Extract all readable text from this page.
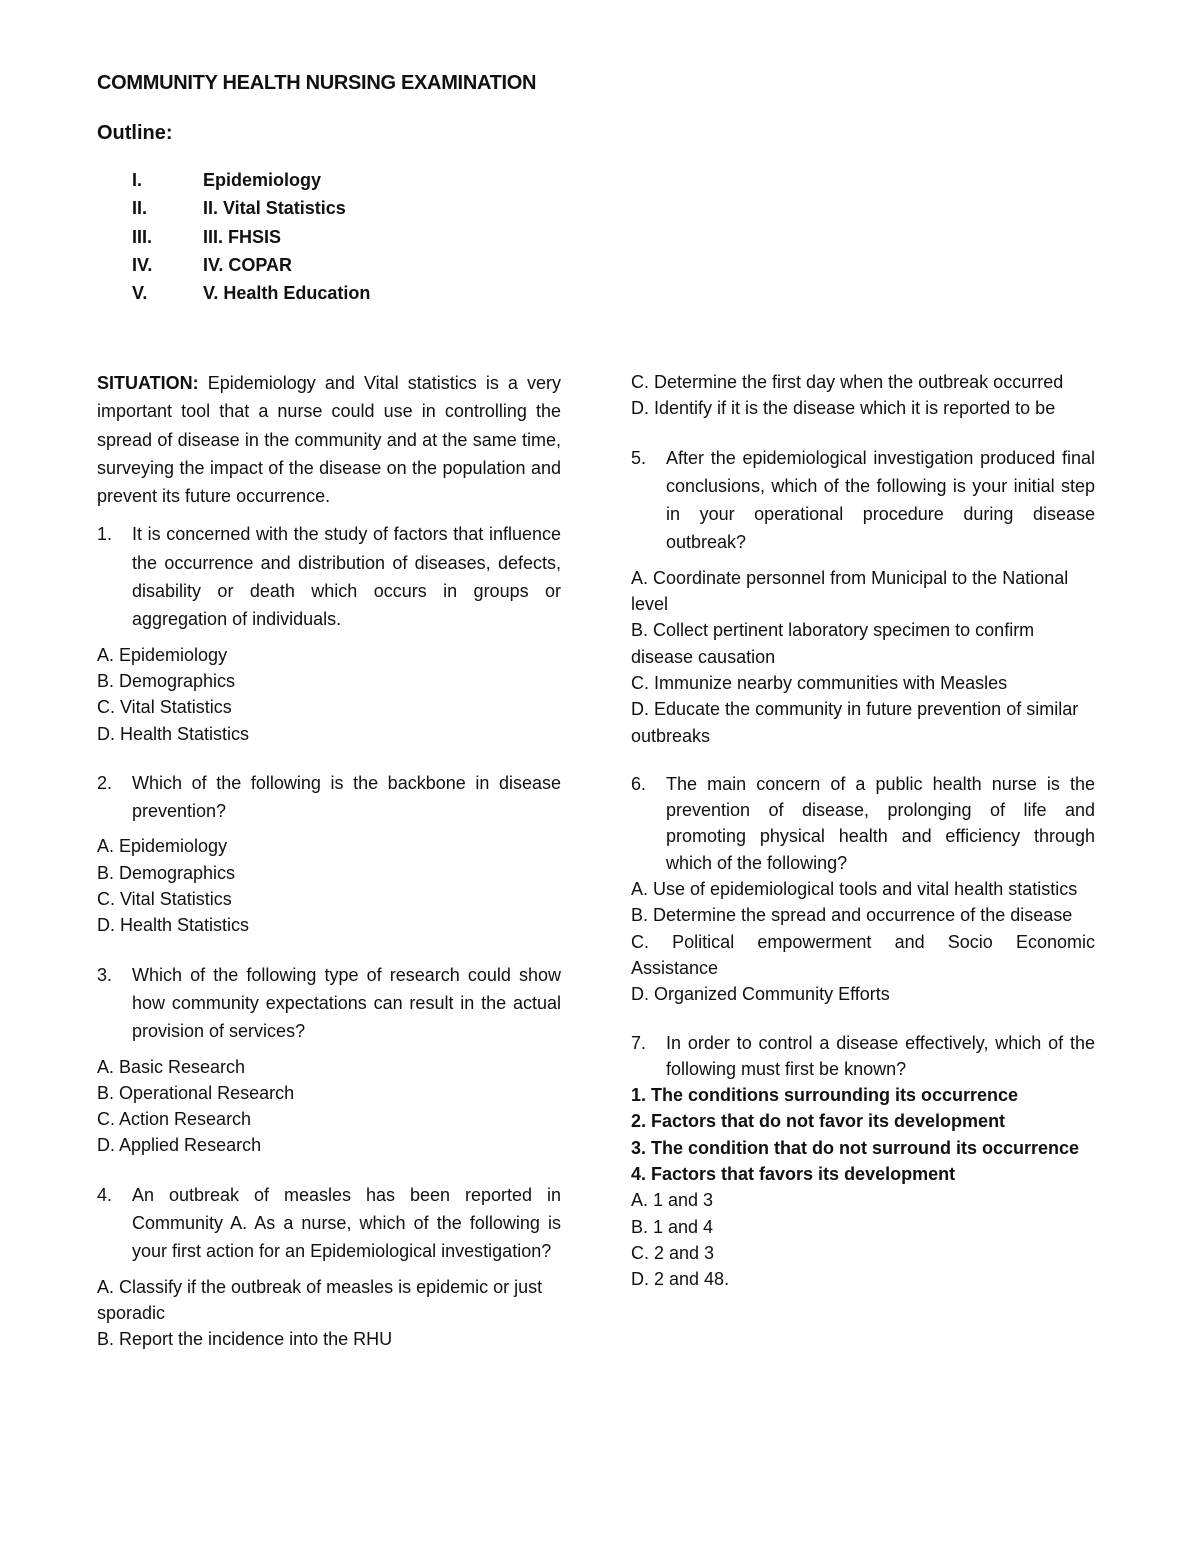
COMMUNITY HEALTH NURSING EXAMINATION
Outline:
I.	Epidemiology
II.	II. Vital Statistics
III.	III. FHSIS
IV.	IV. COPAR
V.	V. Health Education

SITUATION: Epidemiology and Vital statistics is a very important tool that a nurse could use in controlling the spread of disease in the community and at the same time, surveying the impact of the disease on the population and prevent its future occurrence.

1. It is concerned with the study of factors that influence the occurrence and distribution of diseases, defects, disability or death which occurs in groups or aggregation of individuals.

A. Epidemiology

B. Demographics

C. Vital Statistics

D. Health Statistics

2. Which of the following is the backbone in disease prevention?

A. Epidemiology

B. Demographics

C. Vital Statistics

D. Health Statistics

3. Which of the following type of research could show how community expectations can result in the actual provision of services?

A. Basic Research

B. Operational Research

C. Action Research

D. Applied Research

4. An outbreak of measles has been reported in Community A. As a nurse, which of the following is your first action for an Epidemiological investigation?

A. Classify if the outbreak of measles is epidemic or just sporadic

B. Report the incidence into the RHU

C. Determine the first day when the outbreak occurred

D. Identify if it is the disease which it is reported to be

5. After the epidemiological investigation produced final conclusions, which of the following is your initial step in your operational procedure during disease outbreak?

A. Coordinate personnel from Municipal to the National level

B. Collect pertinent laboratory specimen to confirm disease causation

C. Immunize nearby communities with Measles

D. Educate the community in future prevention of similar outbreaks

6. The main concern of a public health nurse is the prevention of disease, prolonging of life and promoting physical health and efficiency through which of the following?

A. Use of epidemiological tools and vital health statistics

B. Determine the spread and occurrence of the disease

C. Political empowerment and Socio Economic Assistance

D. Organized Community Efforts

7. In order to control a disease effectively, which of the following must first be known?

1. The conditions surrounding its occurrence

2. Factors that do not favor its development

3. The condition that do not surround its occurrence

4. Factors that favors its development

A. 1 and 3

B. 1 and 4

C. 2 and 3

D. 2 and 48.
